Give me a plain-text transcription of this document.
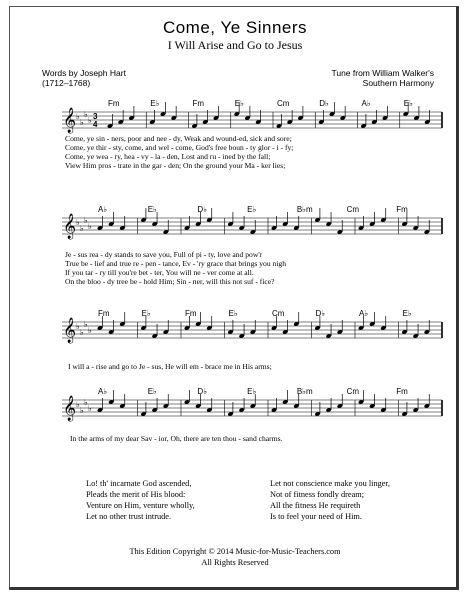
Come, Ye Sinners
I Will Arise and Go to Jesus
Words by Joseph Hart
(1712–1768)
Tune from William Walker's
Southern Harmony
𝄞 ♭
♭
♭
♭ 3
4
Fm	E♭	Fm	E♭	Cm	D♭	A♭	E♭
Come, ye sin - ners, poor and nee - dy, Weak and wound-ed, sick and sore;
Come, ye thir - sty, come, and wel - come, God's free boun - ty glor - i - fy;
Come, ye wea - ry, hea - vy - la - den, Lost and ru - ined by the fall;
View Him pros - trate in the gar - den; On the ground your Ma - ker lies;
𝄞 ♭
♭
♭
♭
A♭	E♭	D♭	E♭	B♭m	Cm	Fm
Je - sus rea - dy stands to save you, Full of pi - ty, love and pow'r
True be - lief and true re - pen - tance, Ev - 'ry grace that brings you nigh
If you tar - ry till you're bet - ter, You will ne - ver come at all.
On the bloo - dy tree be - hold Him; Sin - ner, will this not suf - fice?
𝄞 ♭
♭
♭
♭
Fm	E♭	Fm	E♭	Cm	D♭	A♭	E♭
I will a - rise and go to Je - sus, He will em - brace me in His arms;
𝄞 ♭
♭
♭
♭
A♭	E♭	D♭	E♭	B♭m	Cm	Fm
In the arms of my dear Sav - ior, Oh, there are ten thou - sand charms.
Lo! th' incarnate God ascended,
Pleads the merit of His blood:
Venture on Him, venture wholly,
Let no other trust intrude.
Let not conscience make you linger,
Not of fitness fondly dream;
All the fitness He requireth
Is to feel your need of Him.
This Edition Copyright © 2014 Music-for-Music-Teachers.com
All Rights Reserved
